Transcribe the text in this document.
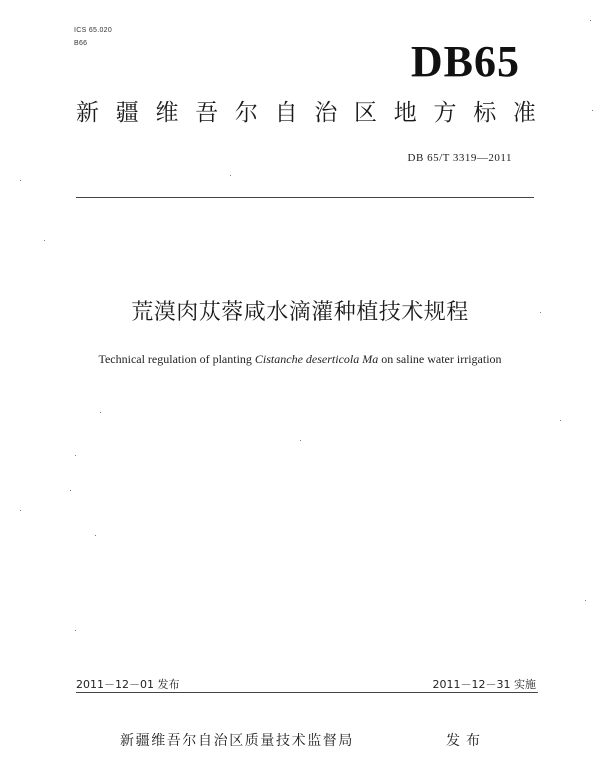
ICS 65.020
B66	DB65
新 疆 维 吾 尔 自 治 区 地 方 标 准
DB 65/T 3319—2011
荒漠肉苁蓉咸水滴灌种植技术规程
Technical regulation of planting Cistanche deserticola Ma on saline water irrigation
2011－12－01 发布	2011－12－31 实施
新疆维吾尔自治区质量技术监督局	发布
